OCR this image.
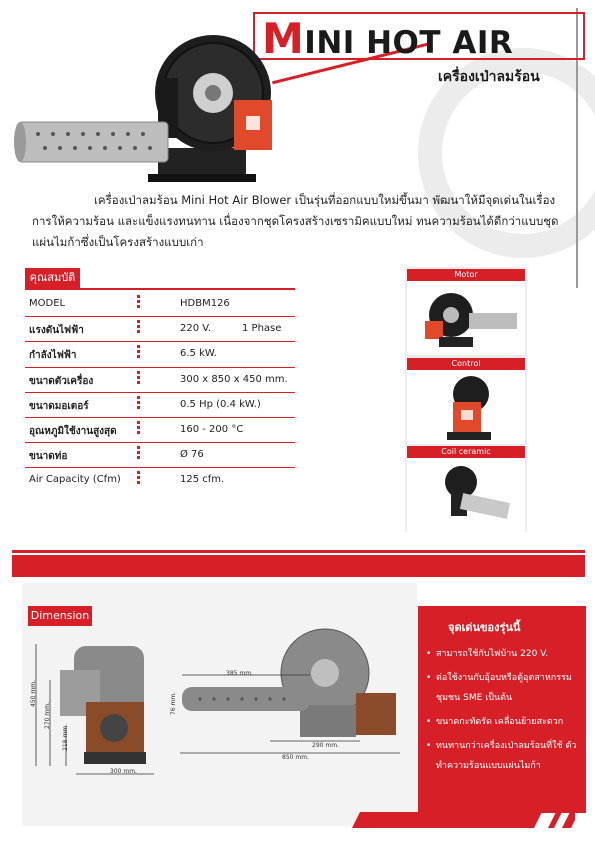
MINI HOT AIR
เครื่องเป่าลมร้อน
เครื่องเป่าลมร้อน Mini Hot Air Blower เป็นรุ่นที่ออกแบบใหม่ขึ้นมา พัฒนาให้มีจุดเด่นในเรื่องการให้ความร้อน และแข็งแรงทนทาน เนื่องจากชุดโครงสร้างเซรามิคแบบใหม่ ทนความร้อนได้ดีกว่าแบบชุดแผ่นไมก้าซึ่งเป็นโครงสร้างแบบเก่า
คุณสมบัติ
MODEL	HDBM126
แรงดันไฟฟ้า	220 V.	1 Phase
กำลังไฟฟ้า	6.5 kW.
ขนาดตัวเครื่อง	300 x 850 x 450 mm.
ขนาดมอเตอร์	0.5 Hp (0.4 kW.)
อุณหภูมิใช้งานสูงสุด	160 - 200 °C
ขนาดท่อ	Ø 76
Air Capacity (Cfm)	125 cfm.
Motor
Control
Coil ceramic
Dimension
450 mm.
270 mm.
218 mm.
300 mm.
385 mm.
76 mm.
290 mm.
850 mm.
จุดเด่นของรุ่นนี้
• สามารถใช้กับไฟบ้าน 220 V.
• ต่อใช้งานกับอุ้อบหรือตู้อุตสาหกรรม ชุมชน SME เป็นต้น
• ขนาดกะทัดรัด เคลื่อนย้ายสะดวก
• ทนทานกว่าเครื่องเป่าลมร้อนที่ใช้ ตัวทำความร้อนแบบแผ่นไมก้า
